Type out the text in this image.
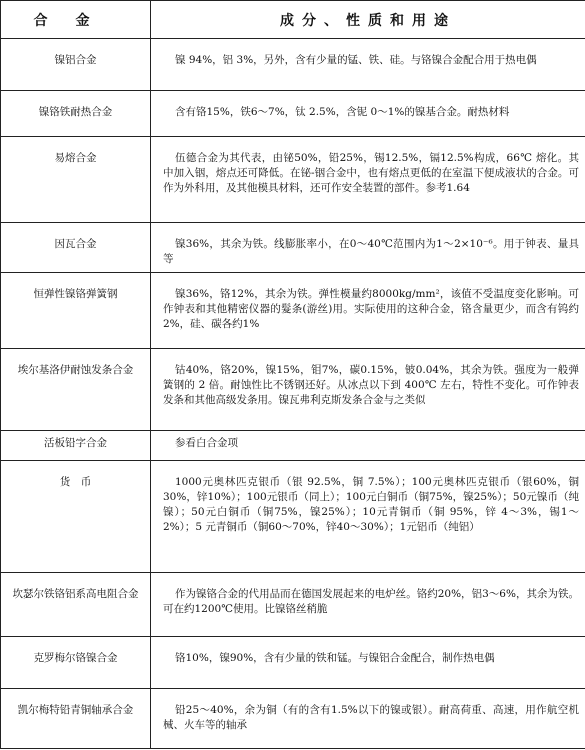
合金	成分、性质和用途
镍铝合金	镍 94%，铝 3%，另外，含有少量的锰、铁、硅。与铬镍合金配合用于热电偶
镍铬铁耐热合金	含有铬15%，铁6～7%，钛 2.5%，含铌 0～1%的镍基合金。耐热材料
易熔合金	伍德合金为其代表，由铋50%，铅25%，锡12.5%，镉12.5%构成，66℃ 熔化。其中加入铟，熔点还可降低。在铋-铟合金中，也有熔点更低的在室温下便成液状的合金。可作为外科用，及其他模具材料，还可作安全装置的部件。参考1.64
因瓦合金	镍36%，其余为铁。线膨胀率小，在0～40℃范围内为1～2×10⁻⁶。用于钟表、量具等
恒弹性镍铬弹簧钢	镍36%，铬12%，其余为铁。弹性模量约8000kg/mm²，该值不受温度变化影响。可作钟表和其他精密仪器的髮条(游丝)用。实际使用的这种合金，铬含量更少，而含有钨约2%，硅、碳各约1%
埃尔基洛伊耐蚀发条合金	钴40%，铬20%，镍15%，钼7%，碳0.15%，铍0.04%，其余为铁。强度为一般弹簧钢的 2 倍。耐蚀性比不锈钢还好。从冰点以下到 400℃ 左右，特性不变化。可作钟表发条和其他高级发条用。镍瓦弗利克斯发条合金与之类似
活板铅字合金	参看白合金项
货　币	1000元奥林匹克银币（银 92.5%，铜 7.5%）；100元奥林匹克银币（银60%，铜30%，锌10%）；100元银币（同上）；100元白铜币（铜75%，镍25%）；50元镍币（纯镍）；50元白铜币（铜75%，镍25%）；10元青铜币（铜 95%，锌 4～3%，锡1～2%）；5 元青铜币（铜60～70%，锌40～30%）；1元铝币（纯铝）
坎瑟尔铁铬铝系高电阻合金	作为镍铬合金的代用品而在德国发展起来的电炉丝。铬约20%，铝3～6%，其余为铁。可在约1200℃使用。比镍铬丝稍脆
克罗梅尔铬镍合金	铬10%，镍90%，含有少量的铁和锰。与镍铝合金配合，制作热电偶
凯尔梅特铅青铜轴承合金	铅25～40%，余为铜（有的含有1.5%以下的镍或银）。耐高荷重、高速，用作航空机械、火车等的轴承
